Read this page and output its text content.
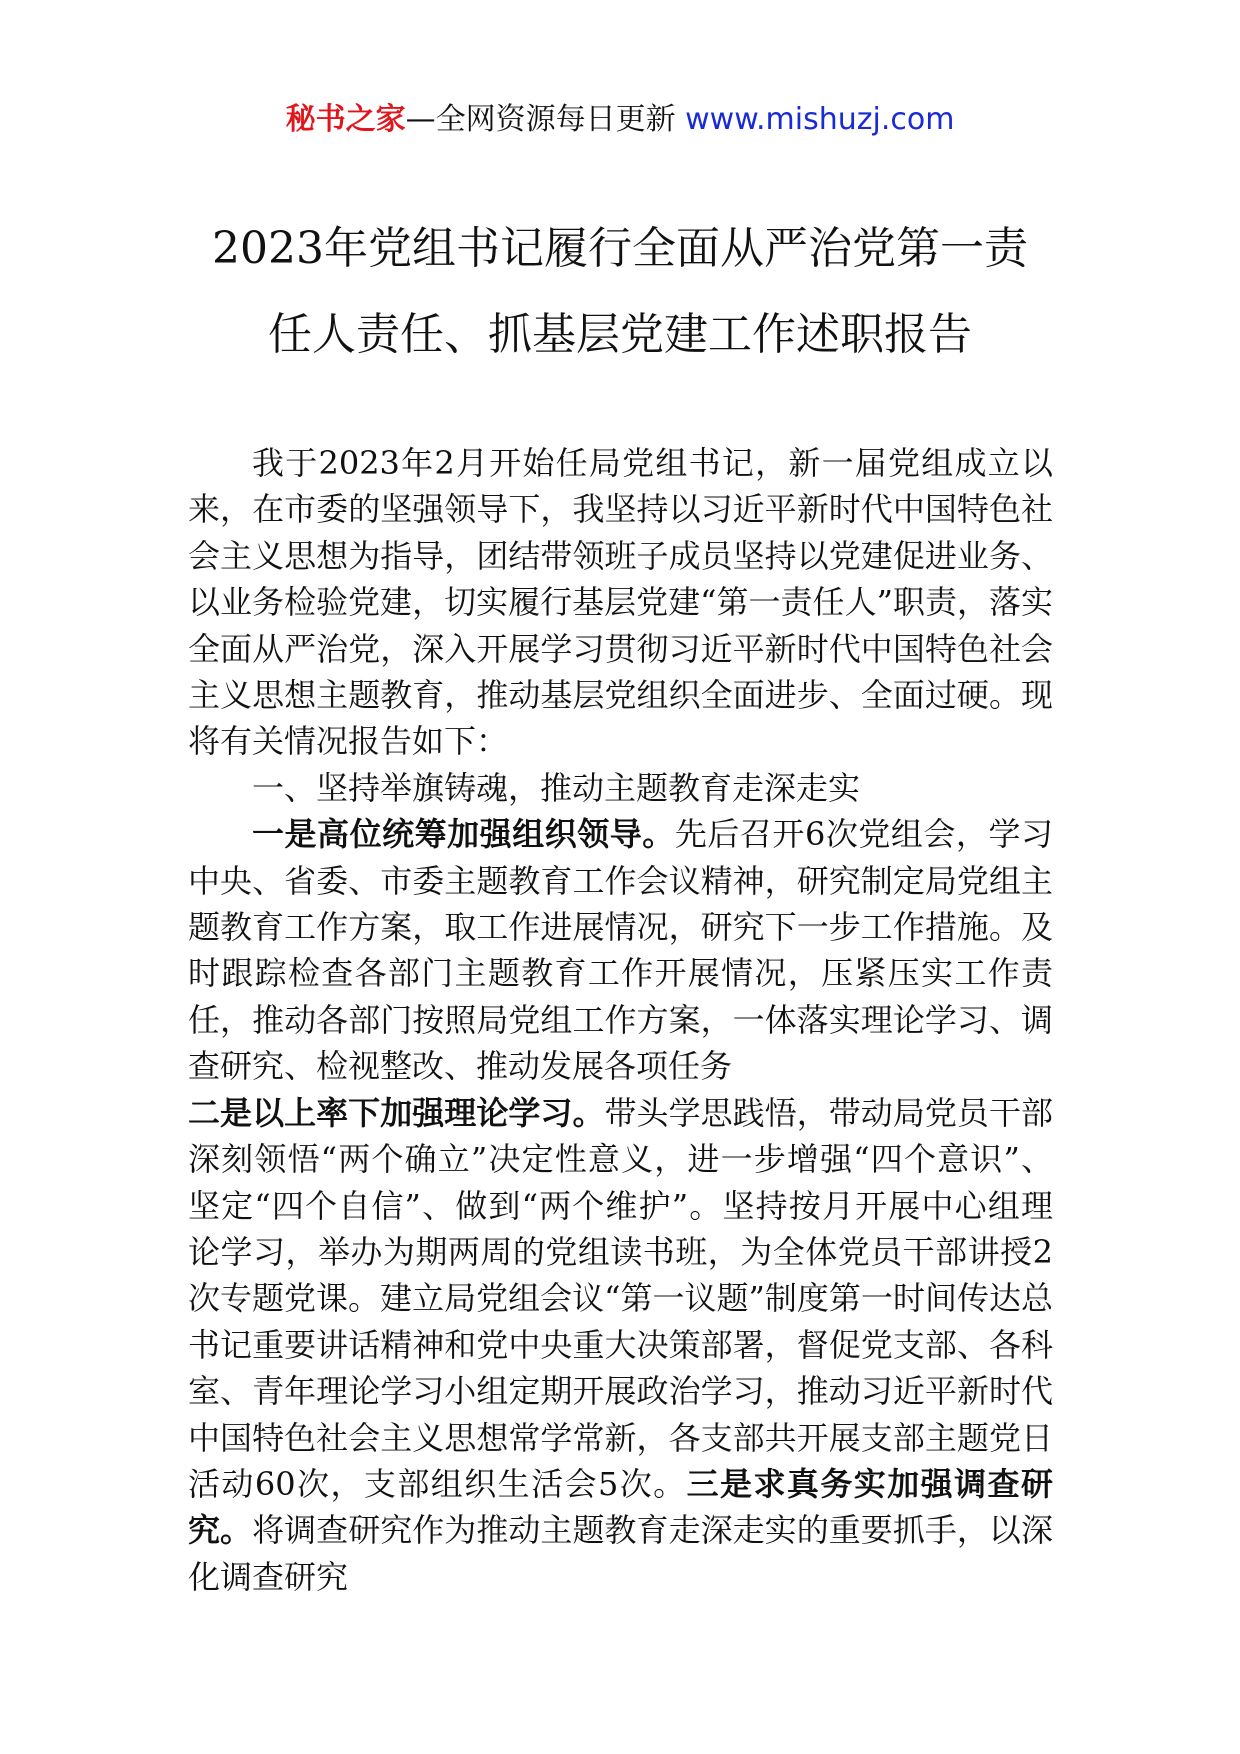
秘书之家—全网资源每日更新 www.mishuzj.com
2023年党组书记履行全面从严治党第一责
任人责任、抓基层党建工作述职报告

我于2023年2月开始任局党组书记，新一届党组成立以来，在市委的坚强领导下，我坚持以习近平新时代中国特色社会主义思想为指导，团结带领班子成员坚持以党建促进业务、以业务检验党建，切实履行基层党建“第一责任人”职责，落实全面从严治党，深入开展学习贯彻习近平新时代中国特色社会主义思想主题教育，推动基层党组织全面进步、全面过硬。现将有关情况报告如下：

一、坚持举旗铸魂，推动主题教育走深走实

一是高位统筹加强组织领导。先后召开6次党组会，学习中央、省委、市委主题教育工作会议精神，研究制定局党组主题教育工作方案，取工作进展情况，研究下一步工作措施。及时跟踪检查各部门主题教育工作开展情况，压紧压实工作责任，推动各部门按照局党组工作方案，一体落实理论学习、调查研究、检视整改、推动发展各项任务

二是以上率下加强理论学习。带头学思践悟，带动局党员干部深刻领悟“两个确立”决定性意义，进一步增强“四个意识”、坚定“四个自信”、做到“两个维护”。坚持按月开展中心组理论学习，举办为期两周的党组读书班，为全体党员干部讲授2次专题党课。建立局党组会议“第一议题”制度第一时间传达总书记重要讲话精神和党中央重大决策部署，督促党支部、各科室、青年理论学习小组定期开展政治学习，推动习近平新时代中国特色社会主义思想常学常新，各支部共开展支部主题党日活动60次，支部组织生活会5次。三是求真务实加强调查研究。将调查研究作为推动主题教育走深走实的重要抓手，以深化调查研究
